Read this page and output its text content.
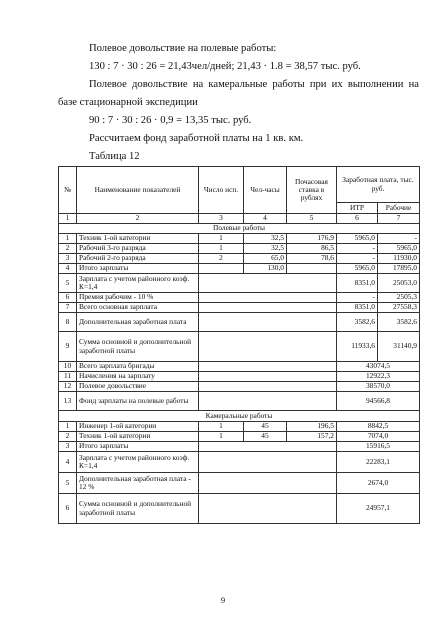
Полевое довольствие на полевые работы:
130 : 7 · 30 : 26 = 21,43чел/дней; 21,43 · 1.8 = 38,57 тыс. руб.
Полевое довольствие на камеральные работы при их выполнении на
базе стационарной экспедиции
90 : 7 · 30 : 26 · 0,9 = 13,35 тыс. руб.
Рассчитаем фонд заработной платы на 1 кв. км.
Таблица 12
№	Наименование показателей	Число исп.	Чел-часы	Почасовая ставка в рублях	Заработная плата, тыс. руб.	
					ИТР	Рабочие
1	2	3	4	5	6	7
Полевые работы						
1	Техник 1-ой категории	1	32,5	176,9	5965,0	-
2	Рабочий 3-го разряда	1	32,5	86,5	-	5965,0
3	Рабочий 2-го разряда	2	65,0	78,6	-	11930,0
4	Итого зарплаты		130,0		5965,0	17895,0
5	Зарплата с учетом районного коэф. К=1,4				8351,0	25053,0
6	Премия рабочим - 10 %				-	2505,3
7	Всего основная зарплата				8351,0	27558,3
8	Дополнительная заработная плата				3582,6	3582,6
9	Сумма основной и дополнительной заработной платы				11933,6	31140,9
10	Всего зарплата бригады				43074,5	
11	Начисления на зарплату				12922,3	
12	Полевое довольствие				38570,0	
13	Фонд зарплаты на полевые работы				94566,8	
Камеральные работы						
1	Инженер 1-ой категории	1	45	196,5	8842,5	
2	Техник 1-ой категории	1	45	157,2	7074,0	
3	Итого зарплаты				15916,5	
4	Зарплата с учетом районного коэф. К=1,4				22283,1	
5	Дополнительная заработная плата - 12 %				2674,0	
6	Сумма основной и дополнительной заработной платы				24957,1	
9
